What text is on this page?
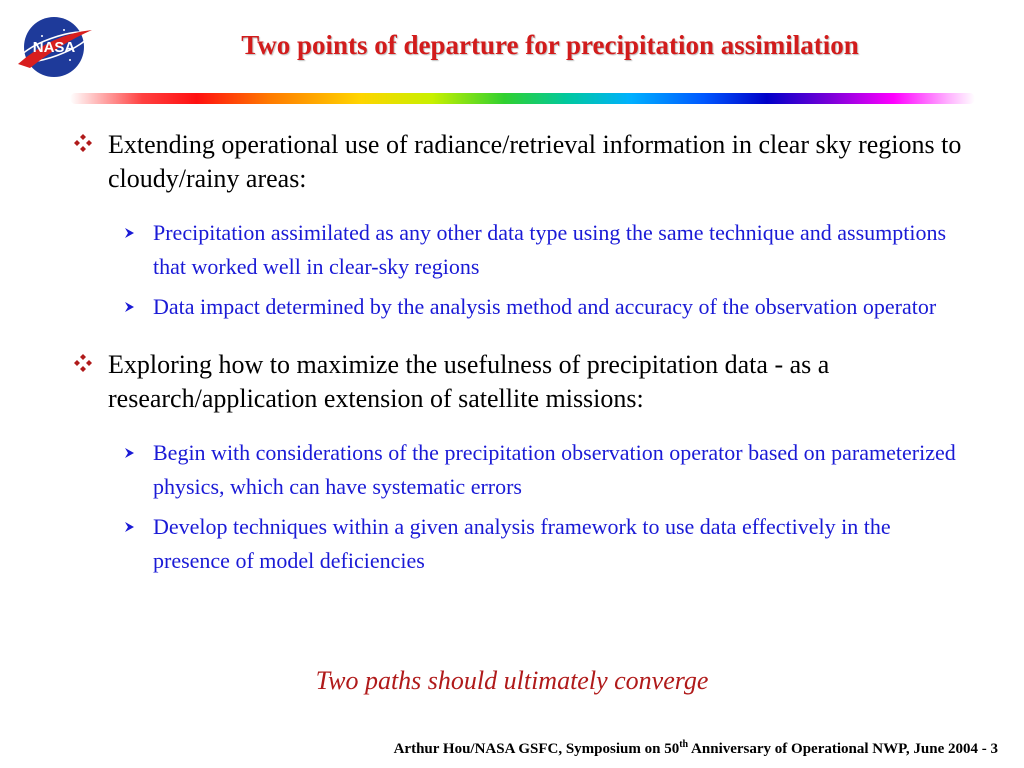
NASA	Two points of departure for precipitation assimilation
Extending operational use of radiance/retrieval information in clear sky regions to cloudy/rainy areas:
Precipitation assimilated as any other data type using the same technique and assumptions that worked well in clear-sky regions
Data impact determined by the analysis method and accuracy of the observation operator
Exploring how to maximize the usefulness of precipitation data - as a research/application extension of satellite missions:
Begin with considerations of the precipitation observation operator based on parameterized physics, which can have systematic errors
Develop techniques within a given analysis framework to use data effectively in the presence of model deficiencies
Two paths should ultimately converge
Arthur Hou/NASA GSFC, Symposium on 50th Anniversary of Operational NWP, June 2004 - 3
